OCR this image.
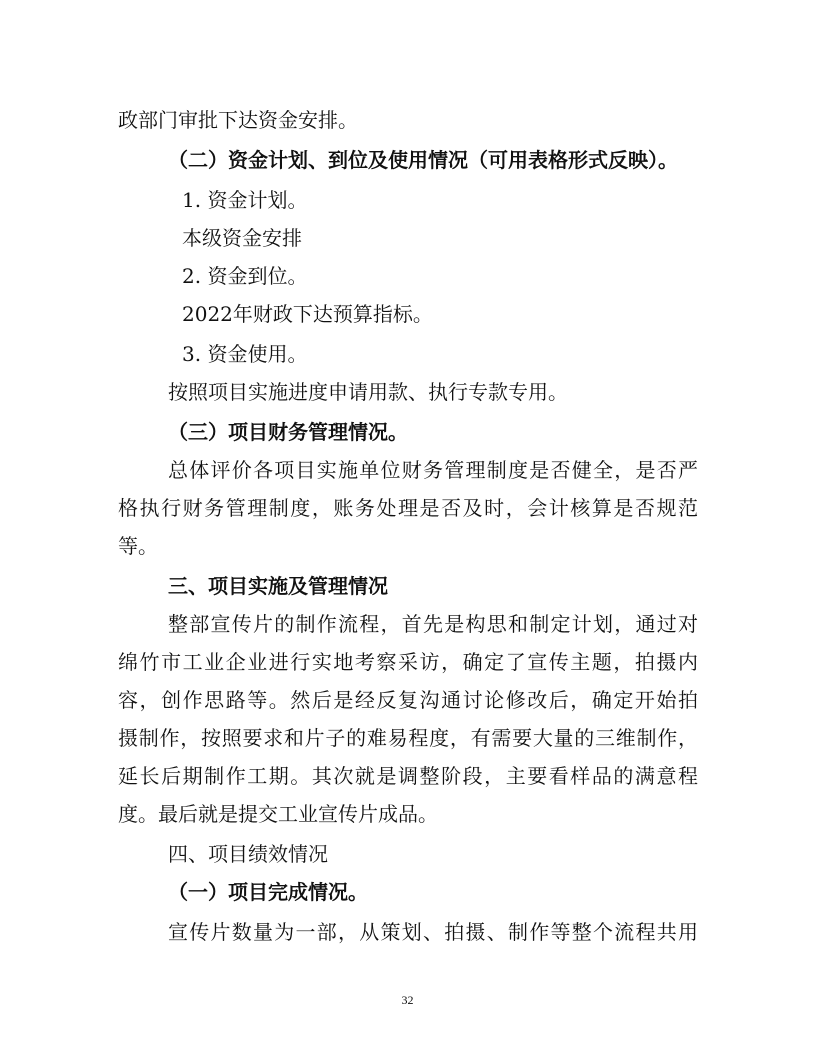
政部门审批下达资金安排。
（二）资金计划、到位及使用情况（可用表格形式反映）。
1. 资金计划。
本级资金安排
2. 资金到位。
2022年财政下达预算指标。
3. 资金使用。
按照项目实施进度申请用款、执行专款专用。
（三）项目财务管理情况。
总体评价各项目实施单位财务管理制度是否健全，是否严
格执行财务管理制度，账务处理是否及时，会计核算是否规范
等。
三、项目实施及管理情况
整部宣传片的制作流程，首先是构思和制定计划，通过对
绵竹市工业企业进行实地考察采访，确定了宣传主题，拍摄内
容，创作思路等。然后是经反复沟通讨论修改后，确定开始拍
摄制作，按照要求和片子的难易程度，有需要大量的三维制作，
延长后期制作工期。其次就是调整阶段，主要看样品的满意程
度。最后就是提交工业宣传片成品。
四、项目绩效情况
（一）项目完成情况。
宣传片数量为一部，从策划、拍摄、制作等整个流程共用
32
